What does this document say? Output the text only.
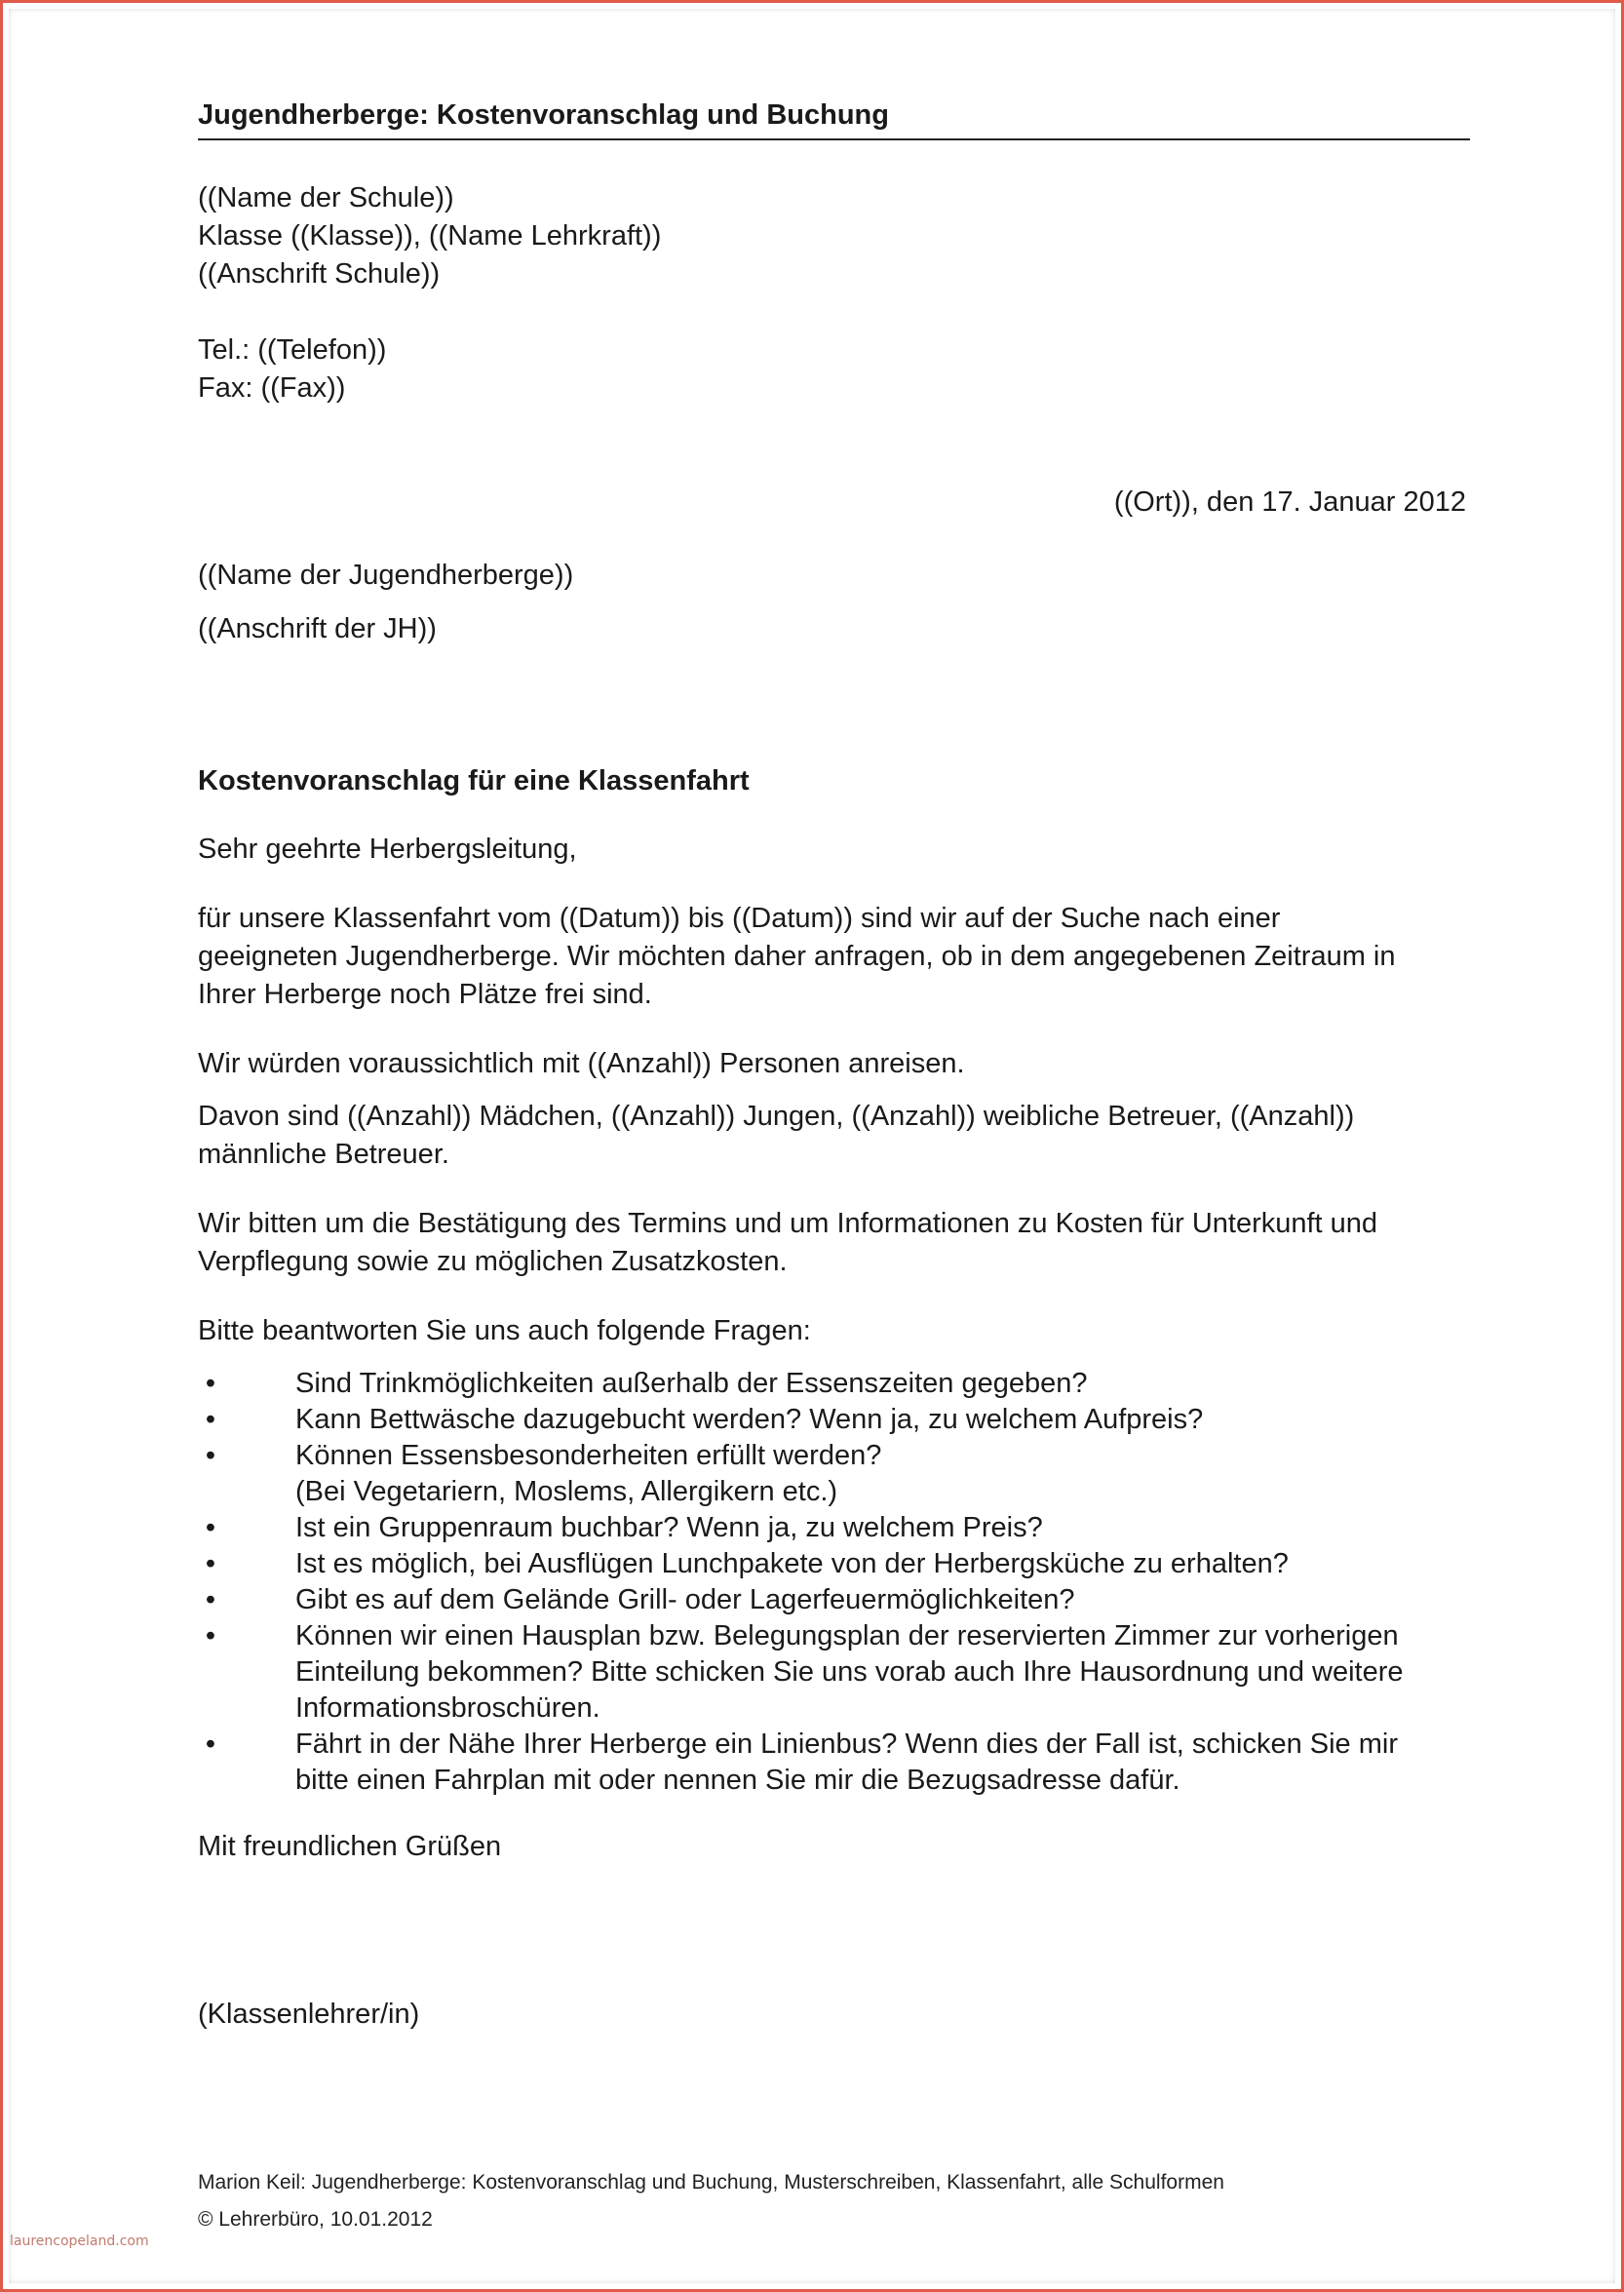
Jugendherberge: Kostenvoranschlag und Buchung
((Name der Schule))
Klasse ((Klasse)), ((Name Lehrkraft))
((Anschrift Schule))
Tel.: ((Telefon))
Fax: ((Fax))
((Ort)), den 17. Januar 2012
((Name der Jugendherberge))
((Anschrift der JH))
Kostenvoranschlag für eine Klassenfahrt
Sehr geehrte Herbergsleitung,
für unsere Klassenfahrt vom ((Datum)) bis ((Datum)) sind wir auf der Suche nach einer
geeigneten Jugendherberge. Wir möchten daher anfragen, ob in dem angegebenen Zeitraum in
Ihrer Herberge noch Plätze frei sind.
Wir würden voraussichtlich mit ((Anzahl)) Personen anreisen.
Davon sind ((Anzahl)) Mädchen, ((Anzahl)) Jungen, ((Anzahl)) weibliche Betreuer, ((Anzahl))
männliche Betreuer.
Wir bitten um die Bestätigung des Termins und um Informationen zu Kosten für Unterkunft und
Verpflegung sowie zu möglichen Zusatzkosten.
Bitte beantworten Sie uns auch folgende Fragen:
•	Sind Trinkmöglichkeiten außerhalb der Essenszeiten gegeben?
•	Kann Bettwäsche dazugebucht werden? Wenn ja, zu welchem Aufpreis?
•	Können Essensbesonderheiten erfüllt werden?
(Bei Vegetariern, Moslems, Allergikern etc.)
•	Ist ein Gruppenraum buchbar? Wenn ja, zu welchem Preis?
•	Ist es möglich, bei Ausflügen Lunchpakete von der Herbergsküche zu erhalten?
•	Gibt es auf dem Gelände Grill- oder Lagerfeuermöglichkeiten?
•	Können wir einen Hausplan bzw. Belegungsplan der reservierten Zimmer zur vorherigen
Einteilung bekommen? Bitte schicken Sie uns vorab auch Ihre Hausordnung und weitere
Informationsbroschüren.
•	Fährt in der Nähe Ihrer Herberge ein Linienbus? Wenn dies der Fall ist, schicken Sie mir
bitte einen Fahrplan mit oder nennen Sie mir die Bezugsadresse dafür.
Mit freundlichen Grüßen
(Klassenlehrer/in)
Marion Keil: Jugendherberge: Kostenvoranschlag und Buchung, Musterschreiben, Klassenfahrt, alle Schulformen
© Lehrerbüro, 10.01.2012
laurencopeland.com
